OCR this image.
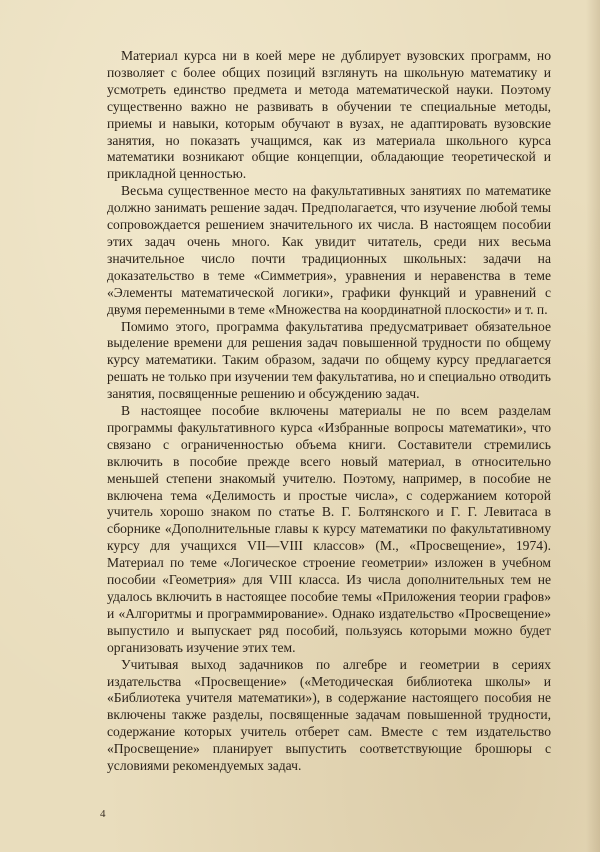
Материал курса ни в коей мере не дублирует вузовских программ, но позволяет с более общих позиций взглянуть на школьную математику и усмотреть единство предмета и метода математической науки. Поэтому существенно важно не развивать в обучении те специальные методы, приемы и навыки, которым обучают в вузах, не адаптировать вузовские занятия, но показать учащимся, как из материала школьного курса математики возникают общие концепции, обладающие теоретической и прикладной ценностью.

Весьма существенное место на факультативных занятиях по математике должно занимать решение задач. Предполагается, что изучение любой темы сопровождается решением значительного их числа. В настоящем пособии этих задач очень много. Как увидит читатель, среди них весьма значительное число почти традиционных школьных: задачи на доказательство в теме «Симметрия», уравнения и неравенства в теме «Элементы математической логики», графики функций и уравнений с двумя переменными в теме «Множества на координатной плоскости» и т. п.

Помимо этого, программа факультатива предусматривает обязательное выделение времени для решения задач повышенной трудности по общему курсу математики. Таким образом, задачи по общему курсу предлагается решать не только при изучении тем факультатива, но и специально отводить занятия, посвященные решению и обсуждению задач.

В настоящее пособие включены материалы не по всем разделам программы факультативного курса «Избранные вопросы математики», что связано с ограниченностью объема книги. Составители стремились включить в пособие прежде всего новый материал, в относительно меньшей степени знакомый учителю. Поэтому, например, в пособие не включена тема «Делимость и простые числа», с содержанием которой учитель хорошо знаком по статье В. Г. Болтянского и Г. Г. Левитаса в сборнике «Дополнительные главы к курсу математики по факультативному курсу для учащихся VII—VIII классов» (М., «Просвещение», 1974). Материал по теме «Логическое строение геометрии» изложен в учебном пособии «Геометрия» для VIII класса. Из числа дополнительных тем не удалось включить в настоящее пособие темы «Приложения теории графов» и «Алгоритмы и программирование». Однако издательство «Просвещение» выпустило и выпускает ряд пособий, пользуясь которыми можно будет организовать изучение этих тем.

Учитывая выход задачников по алгебре и геометрии в сериях издательства «Просвещение» («Методическая библиотека школы» и «Библиотека учителя математики»), в содержание настоящего пособия не включены также разделы, посвященные задачам повышенной трудности, содержание которых учитель отберет сам. Вместе с тем издательство «Просвещение» планирует выпустить соответствующие брошюры с условиями рекомендуемых задач.

4
